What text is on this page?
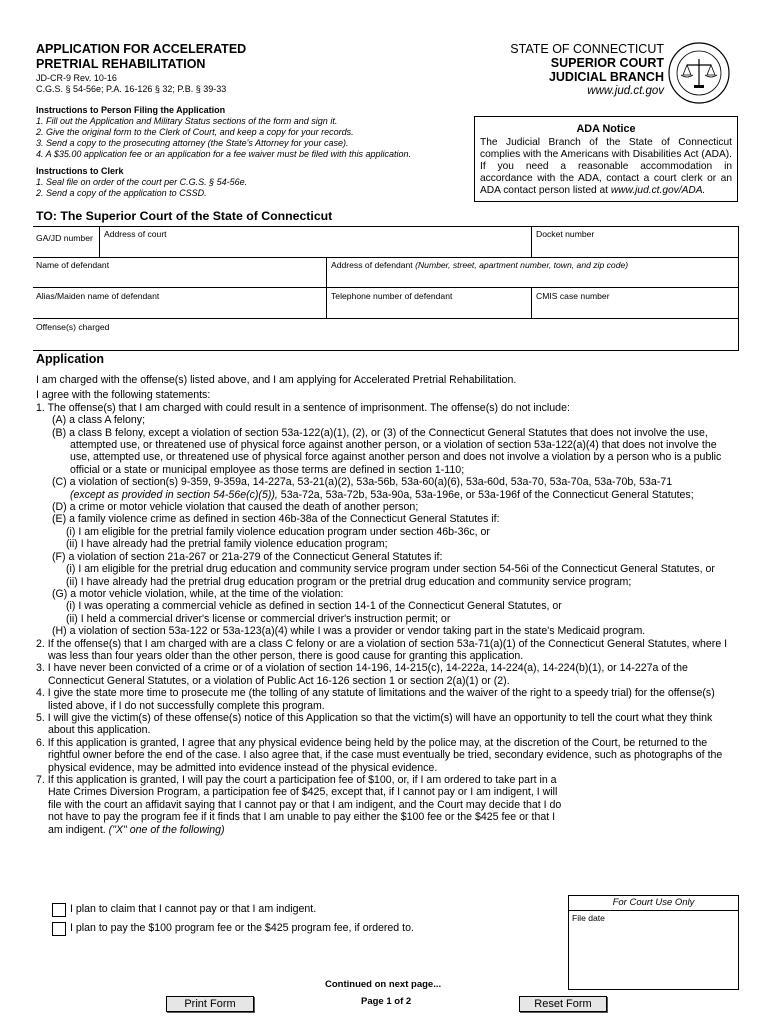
APPLICATION FOR ACCELERATED
PRETRIAL REHABILITATION
JD-CR-9 Rev. 10-16
C.G.S. § 54-56e; P.A. 16-126 § 32; P.B. § 39-33
STATE OF CONNECTICUT
SUPERIOR COURT
JUDICIAL BRANCH
www.jud.ct.gov
Instructions to Person Filing the Application
1. Fill out the Application and Military Status sections of the form and sign it.
2. Give the original form to the Clerk of Court, and keep a copy for your records.
3. Send a copy to the prosecuting attorney (the State's Attorney for your case).
4. A $35.00 application fee or an application for a fee waiver must be filed with this application.
Instructions to Clerk
1. Seal file on order of the court per C.G.S. § 54-56e.
2. Send a copy of the application to CSSD.
ADA Notice
The Judicial Branch of the State of Connecticut complies with the Americans with Disabilities Act (ADA). If you need a reasonable accommodation in accordance with the ADA, contact a court clerk or an ADA contact person listed at www.jud.ct.gov/ADA.
TO: The Superior Court of the State of Connecticut
GA/JD number Address of court	Docket number
Name of defendant	Address of defendant (Number, street, apartment number, town, and zip code)
Alias/Maiden name of defendant	Telephone number of defendant	CMIS case number
Offense(s) charged
Application

I am charged with the offense(s) listed above, and I am applying for Accelerated Pretrial Rehabilitation.

I agree with the following statements:

1. The offense(s) that I am charged with could result in a sentence of imprisonment. The offense(s) do not include:

(A) a class A felony;

(B) a class B felony, except a violation of section 53a-122(a)(1), (2), or (3) of the Connecticut General Statutes that does not involve the use, attempted use, or threatened use of physical force against another person, or a violation of section 53a-122(a)(4) that does not involve the use, attempted use, or threatened use of physical force against another person and does not involve a violation by a person who is a public official or a state or municipal employee as those terms are defined in section 1-110;

(C) a violation of section(s) 9-359, 9-359a, 14-227a, 53-21(a)(2), 53a-56b, 53a-60(a)(6), 53a-60d, 53a-70, 53a-70a, 53a-70b, 53a-71

(except as provided in section 54-56e(c)(5)), 53a-72a, 53a-72b, 53a-90a, 53a-196e, or 53a-196f of the Connecticut General Statutes;

(D) a crime or motor vehicle violation that caused the death of another person;

(E) a family violence crime as defined in section 46b-38a of the Connecticut General Statutes if:

(i) I am eligible for the pretrial family violence education program under section 46b-36c, or

(ii) I have already had the pretrial family violence education program;

(F) a violation of section 21a-267 or 21a-279 of the Connecticut General Statutes if:

(i) I am eligible for the pretrial drug education and community service program under section 54-56i of the Connecticut General Statutes, or

(ii) I have already had the pretrial drug education program or the pretrial drug education and community service program;

(G) a motor vehicle violation, while, at the time of the violation:

(i) I was operating a commercial vehicle as defined in section 14-1 of the Connecticut General Statutes, or

(ii) I held a commercial driver's license or commercial driver's instruction permit; or

(H) a violation of section 53a-122 or 53a-123(a)(4) while I was a provider or vendor taking part in the state's Medicaid program.

2. If the offense(s) that I am charged with are a class C felony or are a violation of section 53a-71(a)(1) of the Connecticut General Statutes, where I was less than four years older than the other person, there is good cause for granting this application.

3. I have never been convicted of a crime or of a violation of section 14-196, 14-215(c), 14-222a, 14-224(a), 14-224(b)(1), or 14-227a of the Connecticut General Statutes, or a violation of Public Act 16-126 section 1 or section 2(a)(1) or (2).

4. I give the state more time to prosecute me (the tolling of any statute of limitations and the waiver of the right to a speedy trial) for the offense(s) listed above, if I do not successfully complete this program.

5. I will give the victim(s) of these offense(s) notice of this Application so that the victim(s) will have an opportunity to tell the court what they think about this application.

6. If this application is granted, I agree that any physical evidence being held by the police may, at the discretion of the Court, be returned to the rightful owner before the end of the case. I also agree that, if the case must eventually be tried, secondary evidence, such as photographs of the physical evidence, may be admitted into evidence instead of the physical evidence.

7. If this application is granted, I will pay the court a participation fee of $100, or, if I am ordered to take part in a Hate Crimes Diversion Program, a participation fee of $425, except that, if I cannot pay or I am indigent, I will file with the court an affidavit saying that I cannot pay or that I am indigent, and the Court may decide that I do not have to pay the program fee if it finds that I am unable to pay either the $100 fee or the $425 fee or that I am indigent. ("X" one of the following)

I plan to claim that I cannot pay or that I am indigent.
I plan to pay the $100 program fee or the $425 program fee, if ordered to.
For Court Use Only
File date
Continued on next page...
Page 1 of 2
Print Form	Reset Form
